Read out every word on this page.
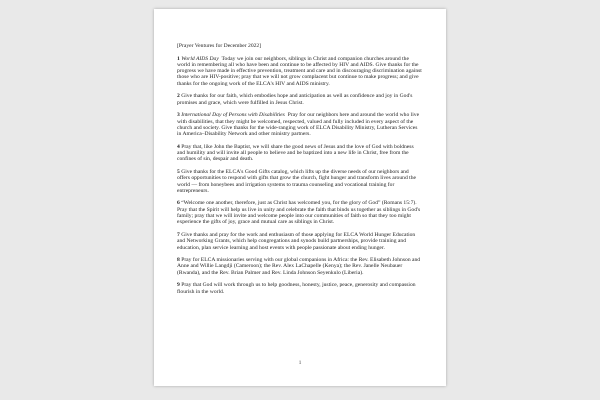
[Prayer Ventures for December 2022]

1 World AIDS Day Today we join our neighbors, siblings in Christ and companion churches around the world in remembering all who have been and continue to be affected by HIV and AIDS. Give thanks for the progress we have made in effective prevention, treatment and care and in discouraging discrimination against those who are HIV-positive; pray that we will not grow complacent but continue to make progress; and give thanks for the ongoing work of the ELCA's HIV and AIDS ministry.

2 Give thanks for our faith, which embodies hope and anticipation as well as confidence and joy in God's promises and grace, which were fulfilled in Jesus Christ.

3 International Day of Persons with Disabilities Pray for our neighbors here and around the world who live with disabilities, that they might be welcomed, respected, valued and fully included in every aspect of the church and society. Give thanks for the wide-ranging work of ELCA Disability Ministry, Lutheran Services in America–Disability Network and other ministry partners.

4 Pray that, like John the Baptist, we will share the good news of Jesus and the love of God with boldness and humility and will invite all people to believe and be baptized into a new life in Christ, free from the confines of sin, despair and death.

5 Give thanks for the ELCA's Good Gifts catalog, which lifts up the diverse needs of our neighbors and offers opportunities to respond with gifts that grow the church, fight hunger and transform lives around the world — from honeybees and irrigation systems to trauma counseling and vocational training for entrepreneurs.

6 “Welcome one another, therefore, just as Christ has welcomed you, for the glory of God” (Romans 15:7). Pray that the Spirit will help us live in unity and celebrate the faith that binds us together as siblings in God's family; pray that we will invite and welcome people into our communities of faith so that they too might experience the gifts of joy, grace and mutual care as siblings in Christ.

7 Give thanks and pray for the work and enthusiasm of those applying for ELCA World Hunger Education and Networking Grants, which help congregations and synods build partnerships, provide training and education, plan service learning and host events with people passionate about ending hunger.

8 Pray for ELCA missionaries serving with our global companions in Africa: the Rev. Elisabeth Johnson and Anne and Willie Langdji (Cameroon); the Rev. Alex LaChapelle (Kenya); the Rev. Janelle Neubauer (Rwanda), and the Rev. Brian Palmer and Rev. Linda Johnson Seyenkulo (Liberia).

9 Pray that God will work through us to help goodness, honesty, justice, peace, generosity and compassion flourish in the world.

1
